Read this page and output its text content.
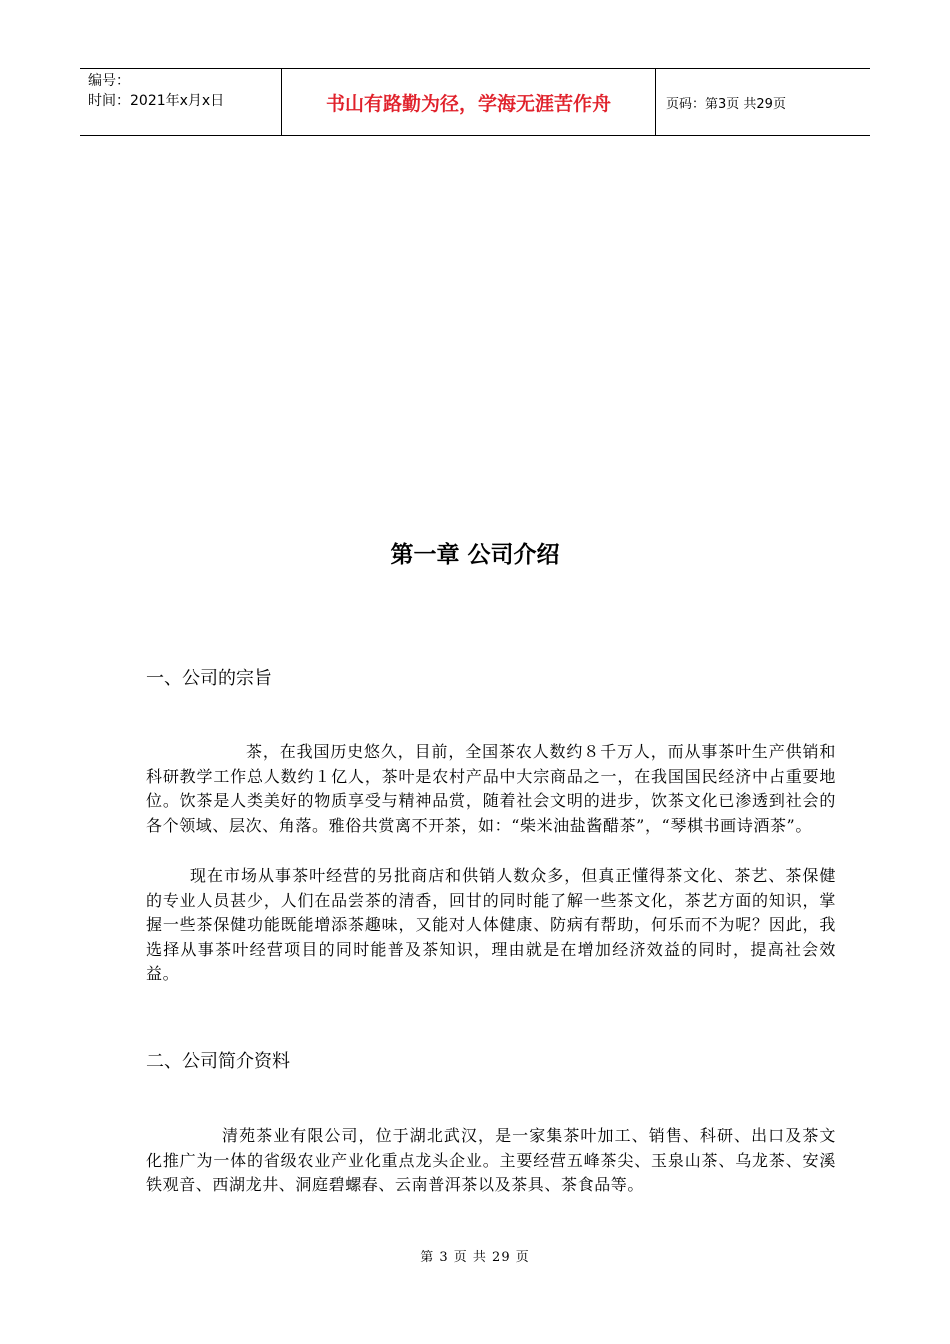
编号：
时间：2021年x月x日	书山有路勤为径，学海无涯苦作舟	页码：第3页 共29页
第一章 公司介绍
一、公司的宗旨

茶，在我国历史悠久，目前，全国茶农人数约８千万人，而从事茶叶生产供销和科研教学工作总人数约１亿人，茶叶是农村产品中大宗商品之一，在我国国民经济中占重要地位。饮茶是人类美好的物质享受与精神品赏，随着社会文明的进步，饮茶文化已渗透到社会的各个领域、层次、角落。雅俗共赏离不开茶，如：“柴米油盐酱醋茶”，“琴棋书画诗酒茶”。

现在市场从事茶叶经营的另批商店和供销人数众多，但真正懂得茶文化、茶艺、茶保健的专业人员甚少，人们在品尝茶的清香，回甘的同时能了解一些茶文化，茶艺方面的知识，掌握一些茶保健功能既能增添茶趣味，又能对人体健康、防病有帮助，何乐而不为呢？因此，我选择从事茶叶经营项目的同时能普及茶知识，理由就是在增加经济效益的同时，提高社会效益。

二、公司简介资料

清苑茶业有限公司，位于湖北武汉，是一家集茶叶加工、销售、科研、出口及茶文化推广为一体的省级农业产业化重点龙头企业。主要经营五峰茶尖、玉泉山茶、乌龙茶、安溪铁观音、西湖龙井、洞庭碧螺春、云南普洱茶以及茶具、茶食品等。

第 3 页 共 29 页
